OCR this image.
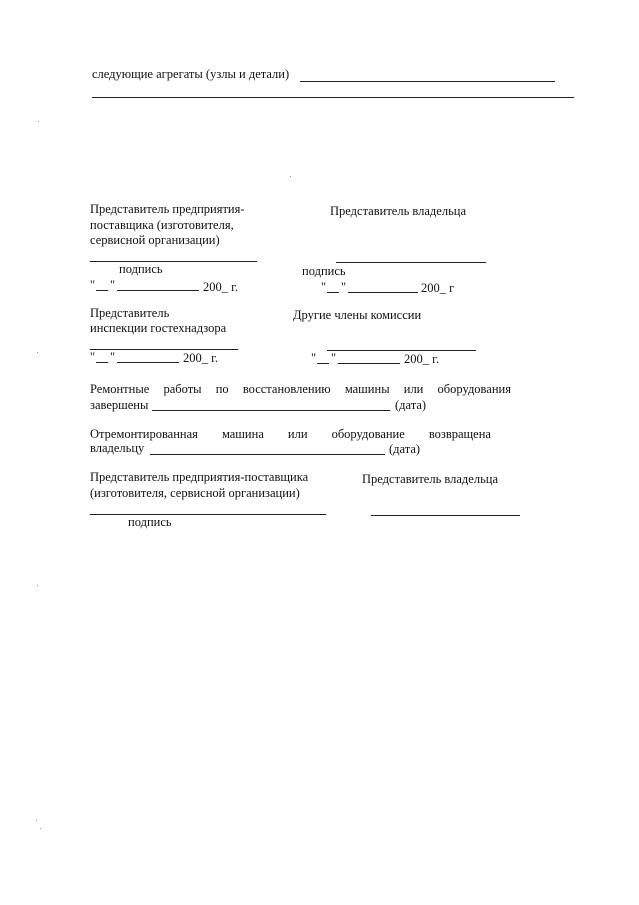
следующие агрегаты (узлы и детали)
Представитель предприятия-
поставщика (изготовителя,
сервисной организации)
Представитель владельца
подпись	подпись
" "	200_ г.	" "	200_ г
Представитель
инспекции гостехнадзора
Другие члены комиссии
" "	200_ г.	" "	200_ г.
Ремонтные работы по восстановлению машины или оборудования
завершены	(дата)
Отремонтированная машина или оборудование возвращена
владельцу	(дата)
Представитель предприятия-поставщика
(изготовителя, сервисной организации)
Представитель владельца
подпись
